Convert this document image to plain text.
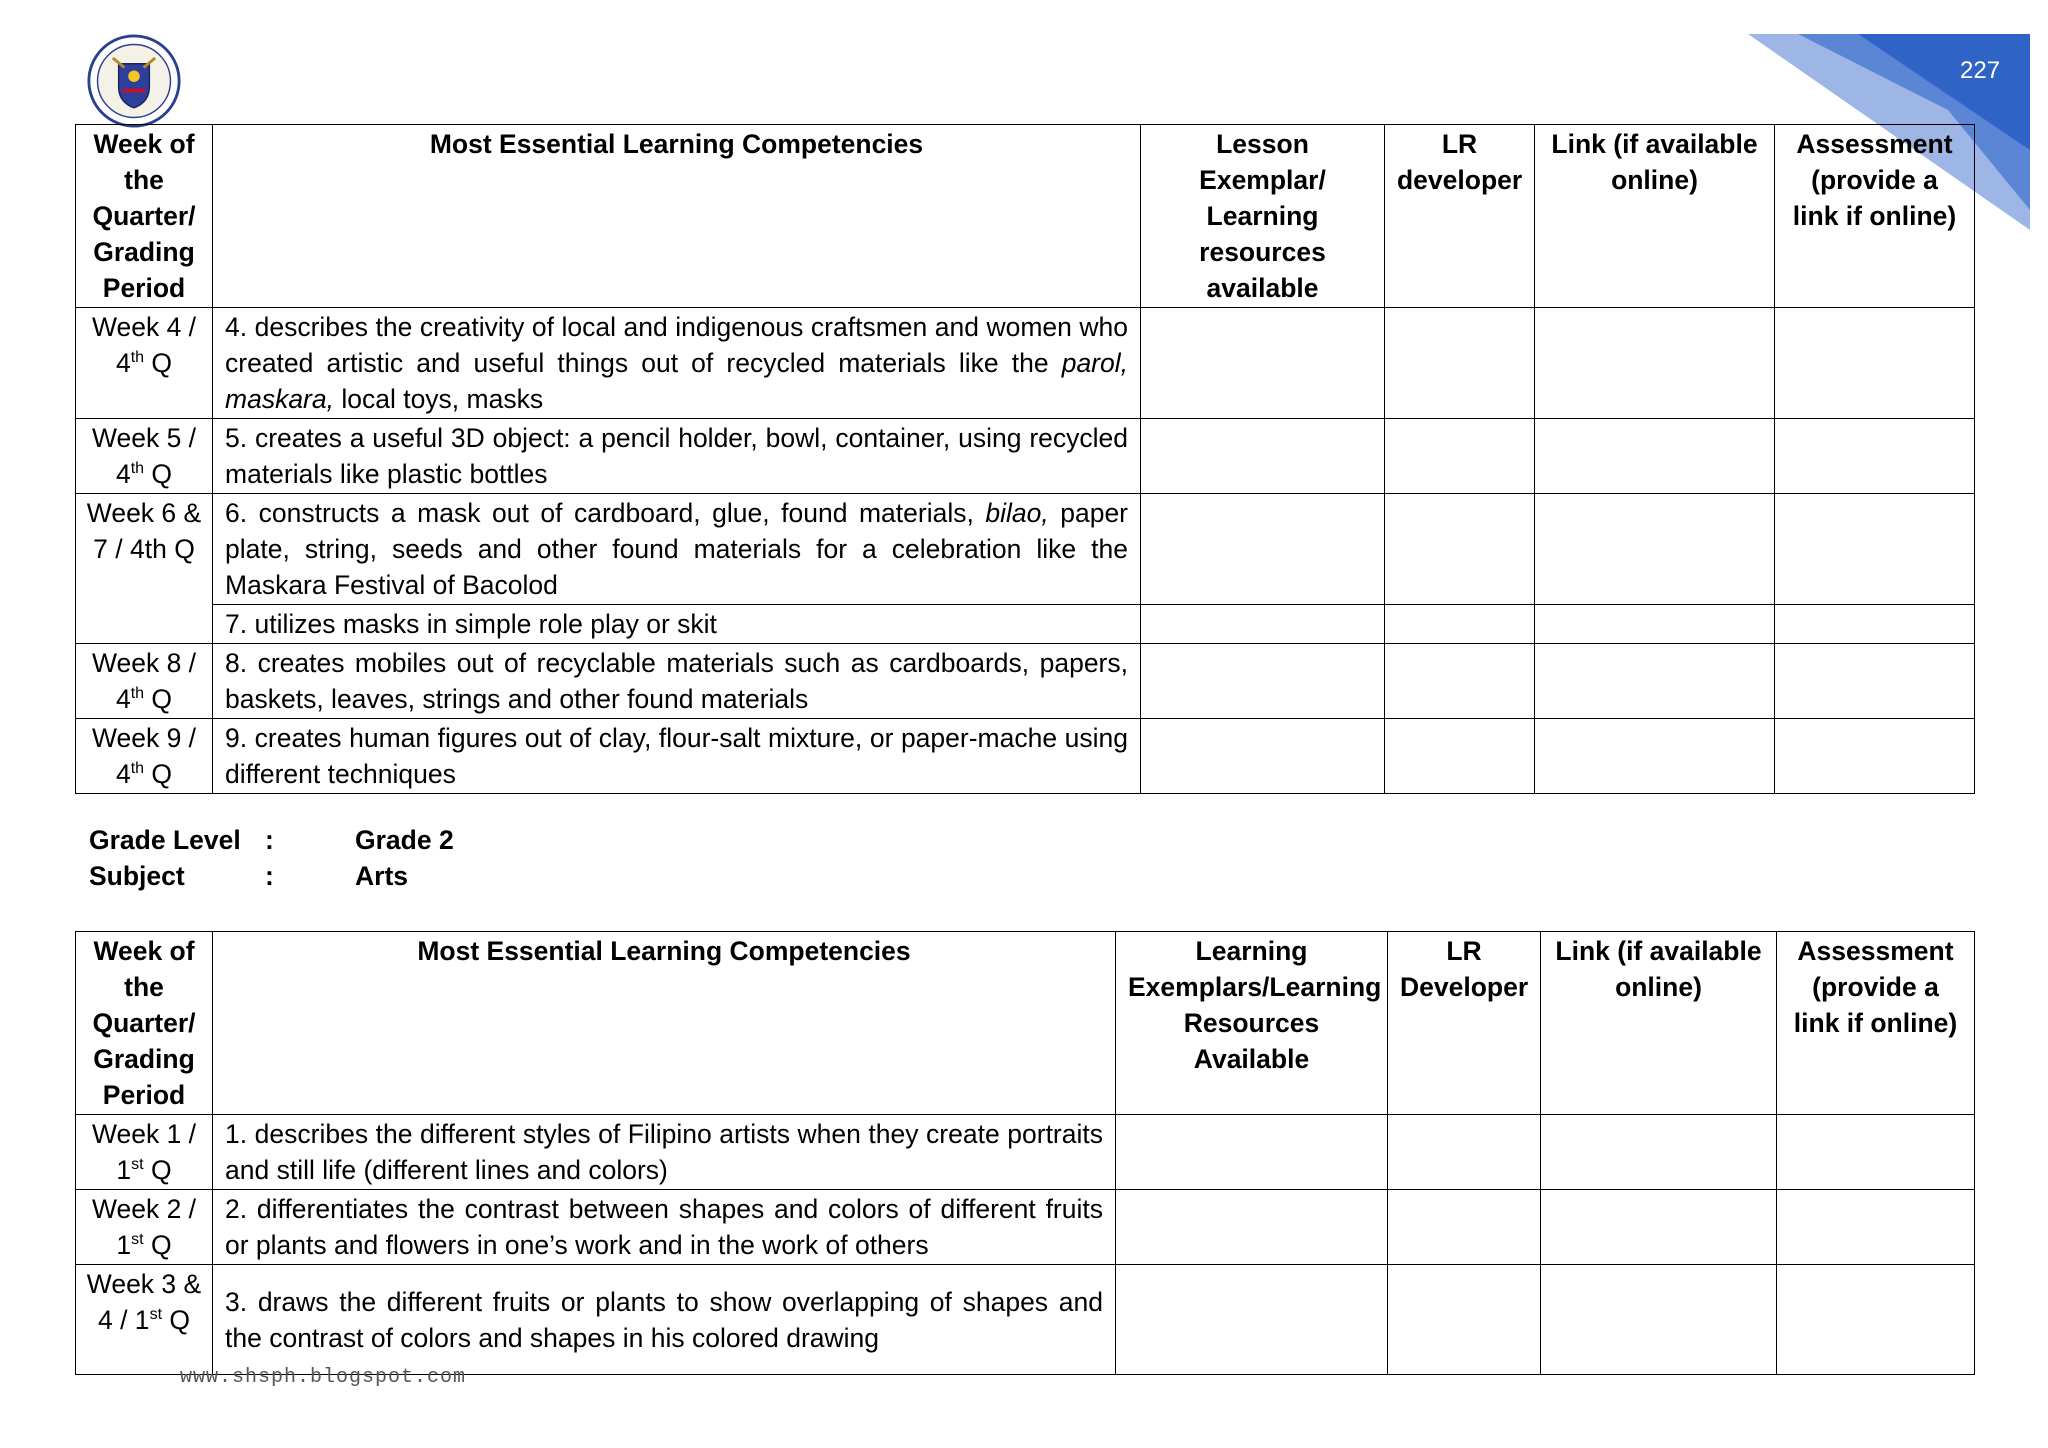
227
Week of the Quarter/ Grading Period	Most Essential Learning Competencies	Lesson Exemplar/ Learning resources available	LR developer	Link (if available online)	Assessment (provide a link if online)
Week 4 /
4th Q	4. describes the creativity of local and indigenous craftsmen and women who created artistic and useful things out of recycled materials like the parol, maskara, local toys, masks				
Week 5 /
4th Q	5. creates a useful 3D object: a pencil holder, bowl, container, using recycled materials like plastic bottles				
Week 6 & 7 / 4th Q	6. constructs a mask out of cardboard, glue, found materials, bilao, paper plate, string, seeds and other found materials for a celebration like the Maskara Festival of Bacolod				
	7. utilizes masks in simple role play or skit				
Week 8 /
4th Q	8. creates mobiles out of recyclable materials such as cardboards, papers, baskets, leaves, strings and other found materials				
Week 9 /
4th Q	9. creates human figures out of clay, flour-salt mixture, or paper-mache using different techniques				
Grade Level :	Grade 2
Subject	:	Arts
Week of the Quarter/ Grading Period	Most Essential Learning Competencies	Learning Exemplars/Learning Resources Available	LR Developer	Link (if available online)	Assessment (provide a link if online)
Week 1 /
1st Q	1. describes the different styles of Filipino artists when they create portraits and still life (different lines and colors)				
Week 2 /
1st Q	2. differentiates the contrast between shapes and colors of different fruits or plants and flowers in one’s work and in the work of others				
Week 3 & 4 / 1st Q	3. draws the different fruits or plants to show overlapping of shapes and the contrast of colors and shapes in his colored drawing				
www.shsph.blogspot.com
